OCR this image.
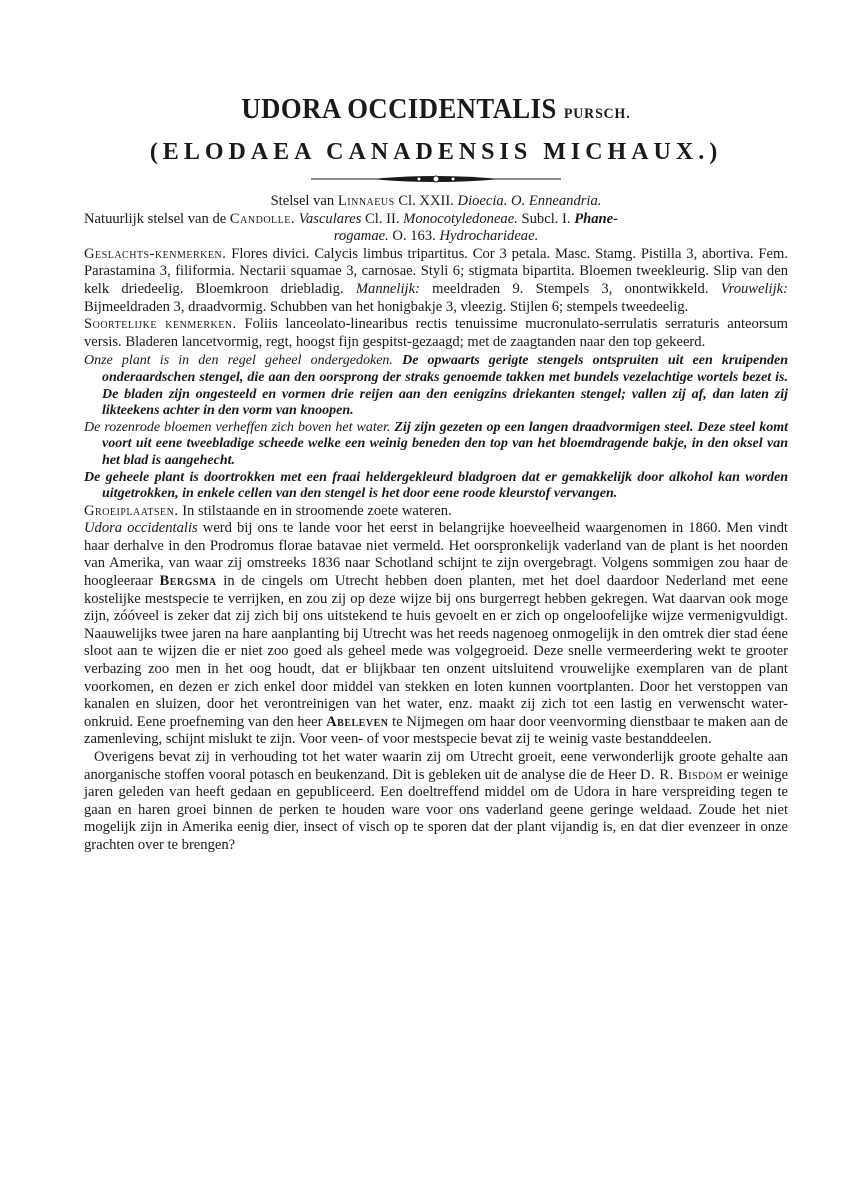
UDORA OCCIDENTALIS PURSCH.
(ELODAEA CANADENSIS MICHAUX.)

Stelsel van Linnaeus Cl. XXII. Dioecia. O. Enneandria.

Natuurlijk stelsel van de Candolle. Vasculares Cl. II. Monocotyledoneae. Subcl. I. Phane-

rogamae. O. 163. Hydrocharideae.

Geslachts-kenmerken. Flores divici. Calycis limbus tripartitus. Cor 3 petala. Masc. Stamg. Pistilla 3, abortiva. Fem. Parastamina 3, filiformia. Nectarii squamae 3, carnosae. Styli 6; stigmata bipartita. Bloemen tweekleurig. Slip van den kelk driedeelig. Bloemkroon driebladig. Mannelijk: meeldraden 9. Stempels 3, onontwikkeld. Vrouwelijk: Bijmeeldraden 3, draadvormig. Schubben van het honigbakje 3, vleezig. Stijlen 6; stempels tweedeelig.

Soortelijke kenmerken. Foliis lanceolato-linearibus rectis tenuissime mucronulato-serrulatis serraturis anteorsum versis. Bladeren lancetvormig, regt, hoogst fijn gespitst-gezaagd; met de zaagtanden naar den top gekeerd.

Onze plant is in den regel geheel ondergedoken. De opwaarts gerigte stengels ontspruiten uit een kruipenden onderaardschen stengel, die aan den oorsprong der straks genoemde takken met bundels vezelachtige wortels bezet is. De bladen zijn ongesteeld en vormen drie reijen aan den eenigzins driekanten stengel; vallen zij af, dan laten zij likteekens achter in den vorm van knoopen.

De rozenrode bloemen verheffen zich boven het water. Zij zijn gezeten op een langen draadvormigen steel. Deze steel komt voort uit eene tweebladige scheede welke een weinig beneden den top van het bloemdragende bakje, in den oksel van het blad is aangehecht.

De geheele plant is doortrokken met een fraai heldergekleurd bladgroen dat er gemakkelijk door alkohol kan worden uitgetrokken, in enkele cellen van den stengel is het door eene roode kleurstof vervangen.

Groeiplaatsen. In stilstaande en in stroomende zoete wateren.

Udora occidentalis werd bij ons te lande voor het eerst in belangrijke hoeveelheid waargenomen in 1860. Men vindt haar derhalve in den Prodromus florae batavae niet vermeld. Het oorspronkelijk vaderland van de plant is het noorden van Amerika, van waar zij omstreeks 1836 naar Schotland schijnt te zijn overgebragt. Volgens sommigen zou haar de hoogleeraar Bergsma in de cingels om Utrecht hebben doen planten, met het doel daardoor Nederland met eene kostelijke mestspecie te verrijken, en zou zij op deze wijze bij ons burgerregt hebben gekregen. Wat daarvan ook moge zijn, zóóveel is zeker dat zij zich bij ons uitstekend te huis gevoelt en er zich op ongeloofelijke wijze vermenigvuldigt. Naauwelijks twee jaren na hare aanplanting bij Utrecht was het reeds nagenoeg onmogelijk in den omtrek dier stad éene sloot aan te wijzen die er niet zoo goed als geheel mede was volgegroeid. Deze snelle vermeerdering wekt te grooter verbazing zoo men in het oog houdt, dat er blijkbaar ten onzent uitsluitend vrouwelijke exemplaren van de plant voorkomen, en dezen er zich enkel door middel van stekken en loten kunnen voortplanten. Door het verstoppen van kanalen en sluizen, door het verontreinigen van het water, enz. maakt zij zich tot een lastig en verwenscht water-onkruid. Eene proefneming van den heer Abeleven te Nijmegen om haar door veenvorming dienstbaar te maken aan de zamenleving, schijnt mislukt te zijn. Voor veen- of voor mestspecie bevat zij te weinig vaste bestanddeelen.

Overigens bevat zij in verhouding tot het water waarin zij om Utrecht groeit, eene verwonderlijk groote gehalte aan anorganische stoffen vooral potasch en beukenzand. Dit is gebleken uit de analyse die de Heer D. R. Bisdom er weinige jaren geleden van heeft gedaan en gepubliceerd. Een doeltreffend middel om de Udora in hare verspreiding tegen te gaan en haren groei binnen de perken te houden ware voor ons vaderland geene geringe weldaad. Zoude het niet mogelijk zijn in Amerika eenig dier, insect of visch op te sporen dat der plant vijandig is, en dat dier evenzeer in onze grachten over te brengen?
